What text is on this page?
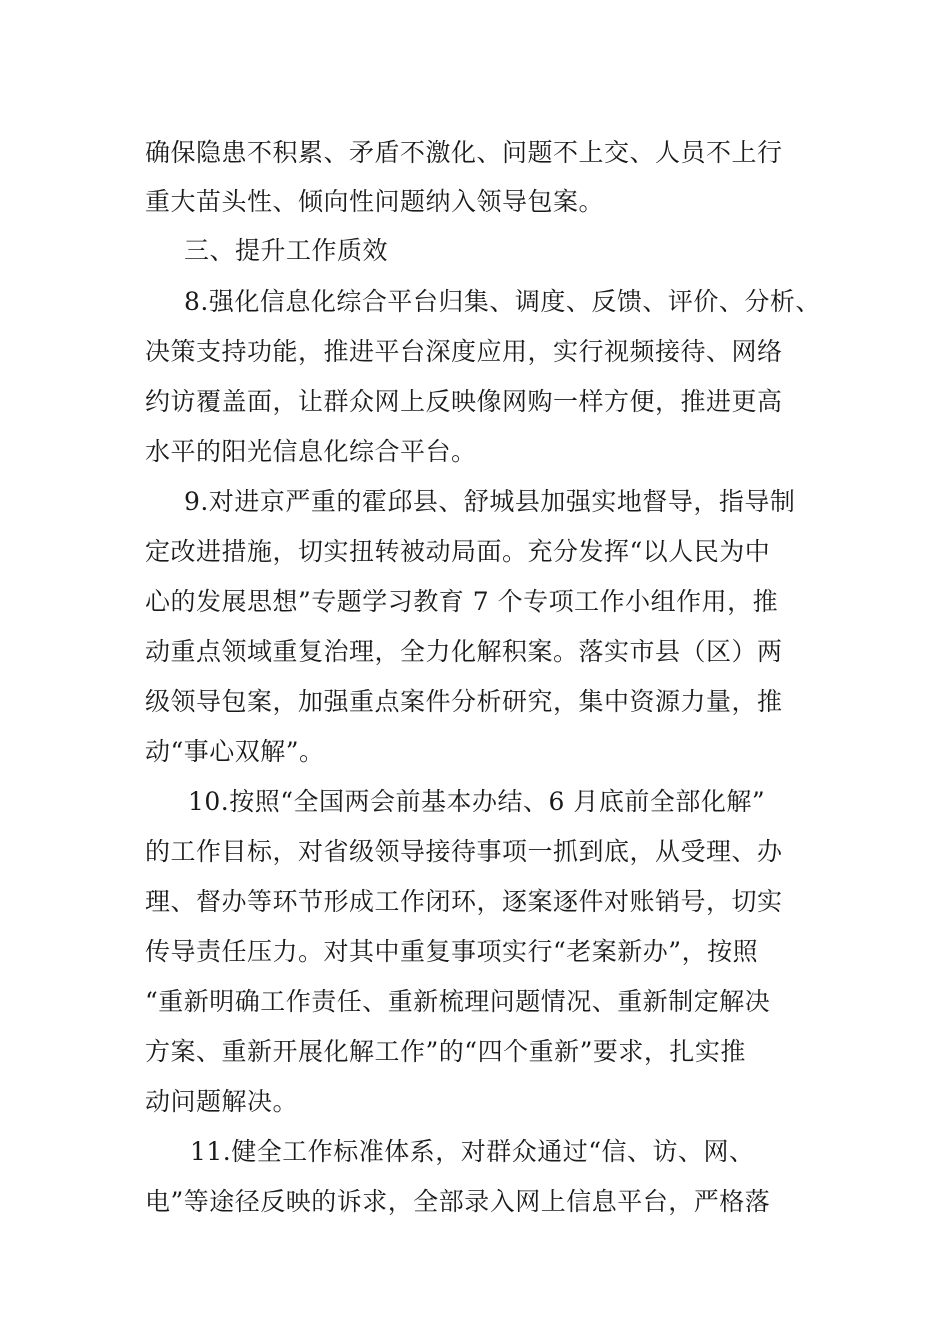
确保隐患不积累、矛盾不激化、问题不上交、人员不上行
重大苗头性、倾向性问题纳入领导包案。
三、提升工作质效
8.强化信息化综合平台归集、调度、反馈、评价、分析、
决策支持功能，推进平台深度应用，实行视频接待、网络
约访覆盖面，让群众网上反映像网购一样方便，推进更高
水平的阳光信息化综合平台。
9.对进京严重的霍邱县、舒城县加强实地督导，指导制
定改进措施，切实扭转被动局面。充分发挥“以人民为中
心的发展思想”专题学习教育 7 个专项工作小组作用，推
动重点领域重复治理，全力化解积案。落实市县（区）两
级领导包案，加强重点案件分析研究，集中资源力量，推
动“事心双解”。
10.按照“全国两会前基本办结、6 月底前全部化解”
的工作目标，对省级领导接待事项一抓到底，从受理、办
理、督办等环节形成工作闭环，逐案逐件对账销号，切实
传导责任压力。对其中重复事项实行“老案新办”，按照
“重新明确工作责任、重新梳理问题情况、重新制定解决
方案、重新开展化解工作”的“四个重新”要求，扎实推
动问题解决。
11.健全工作标准体系，对群众通过“信、访、网、
电”等途径反映的诉求，全部录入网上信息平台，严格落
